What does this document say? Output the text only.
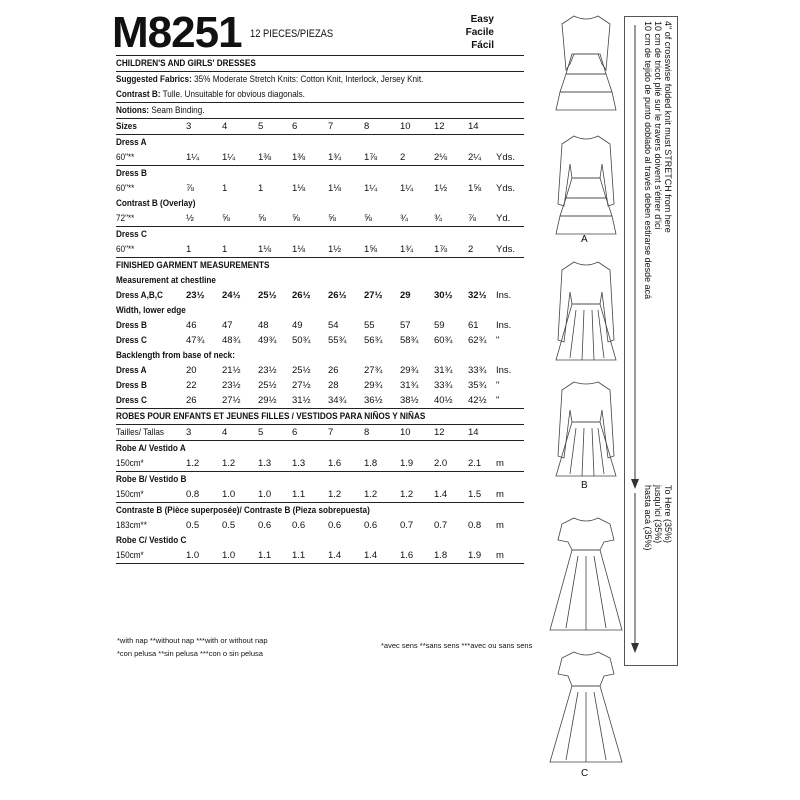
M8251 12 PIECES/PIEZAS
Easy
Facile
Fácil
CHILDREN'S AND GIRLS' DRESSES
Suggested Fabrics: 35% Moderate Stretch Knits: Cotton Knit, Interlock, Jersey Knit.
Contrast B: Tulle. Unsuitable for obvious diagonals.
Notions: Seam Binding.
Sizes	3	4	5	6	7	8	10 12 14
Dress A
60"**	1¼ 1¼ 1⅜ 1⅜ 1¾ 1⅞ 2	2⅛ 2¼ Yds.
Dress B
60"**	⅞	1	1	1⅛ 1⅛ 1¼ 1¼ 1½ 1⅝ Yds.
Contrast B (Overlay)
72"**	½	⅝	⅝	⅝	⅝	⅝	¾	¾	⅞ Yd.
Dress C
60"**	1	1	1⅛ 1⅛ 1½ 1⅝ 1¾ 1⅞ 2 Yds.
FINISHED GARMENT MEASUREMENTS
Measurement at chestline
Dress A,B,C 23½ 24½ 25½ 26½ 26½ 27½ 29 30½ 32½ Ins.
Width, lower edge
Dress B	46	47	48 49	54	55	57 59 61 Ins.
Dress C	47¾ 48¾ 49¾ 50¾ 55¾ 56¾ 58¾ 60¾ 62¾ "
Backlength from base of neck:
Dress A	20	21½ 23½ 25½ 26	27¾ 29¾ 31¾ 33¾ Ins.
Dress B	22	23½ 25½ 27½ 28	29¾ 31¾ 33¾ 35¾ "
Dress C	26	27½ 29½ 31½ 34¾ 36½ 38½ 40½ 42½ "
ROBES POUR ENFANTS ET JEUNES FILLES / VESTIDOS PARA NIÑOS Y NIÑAS
Tailles/ Tallas 3	4	5	6	7	8	10 12 14
Robe A/ Vestido A
150cm*	1.2 1.2 1.3 1.3 1.6 1.8 1.9 2.0 2.1 m
Robe B/ Vestido B
150cm*	0.8 1.0 1.0 1.1 1.2 1.2 1.2 1.4 1.5 m
Contraste B (Pièce superposée)/ Contraste B (Pieza sobrepuesta)
183cm**	0.5 0.5 0.6 0.6 0.6 0.6 0.7 0.7 0.8 m
Robe C/ Vestido C
150cm*	1.0 1.0 1.1 1.1 1.4 1.4 1.6 1.8 1.9 m
*with nap **without nap ***with or without nap
*con pelusa **sin pelusa ***con o sin pelusa
*avec sens **sans sens ***avec ou sans sens
4" of crosswise folded knit must STRETCH from here
10 cm de tricot plié sur le travers doivent s'étirer d'ici
10 cm de tejido de punto doblado al través deben estirarse desde acá
To Here (35%)
jusqu'ici (35%)
hasta acá (35%)
A
B
C
